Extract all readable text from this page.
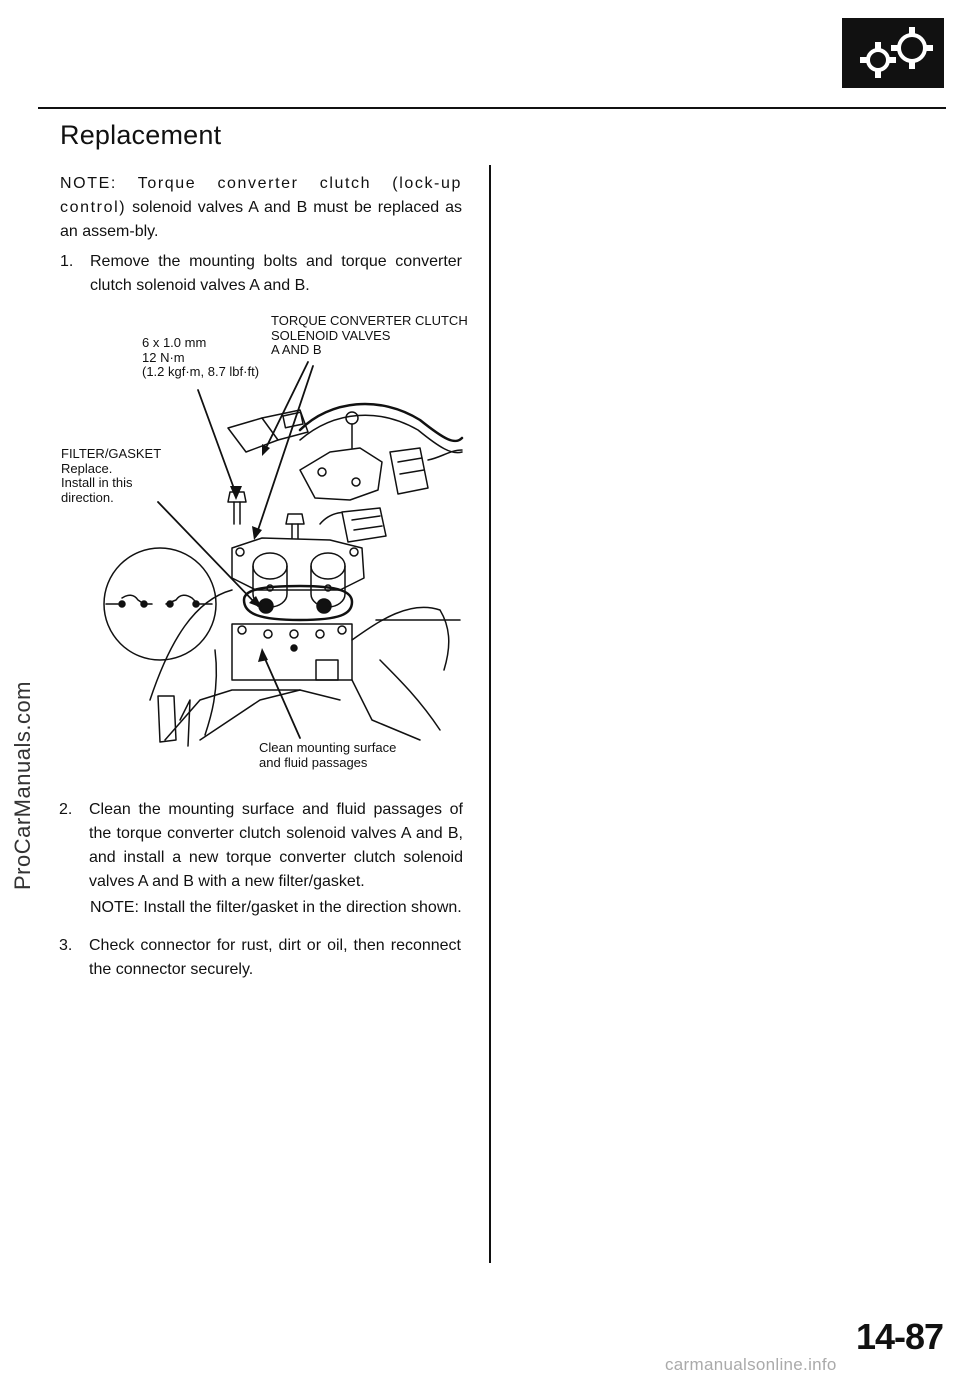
Replacement

NOTE: Torque converter clutch (lock-up control) solenoid valves A and B must be replaced as an assem-bly.

1. Remove the mounting bolts and torque converter clutch solenoid valves A and B.
6 x 1.0 mm
12 N·m
(1.2 kgf·m, 8.7 lbf·ft)
TORQUE CONVERTER CLUTCH
SOLENOID VALVES
A AND B
FILTER/GASKET
Replace.
Install in this
direction.
Clean mounting surface
and fluid passages
2. Clean the mounting surface and fluid passages of the torque converter clutch solenoid valves A and B, and install a new torque converter clutch solenoid valves A and B with a new filter/gasket.
NOTE: Install the filter/gasket in the direction shown.
3. Check connector for rust, dirt or oil, then reconnect the connector securely.
ProCarManuals.com
14-87
carmanualsonline.info
